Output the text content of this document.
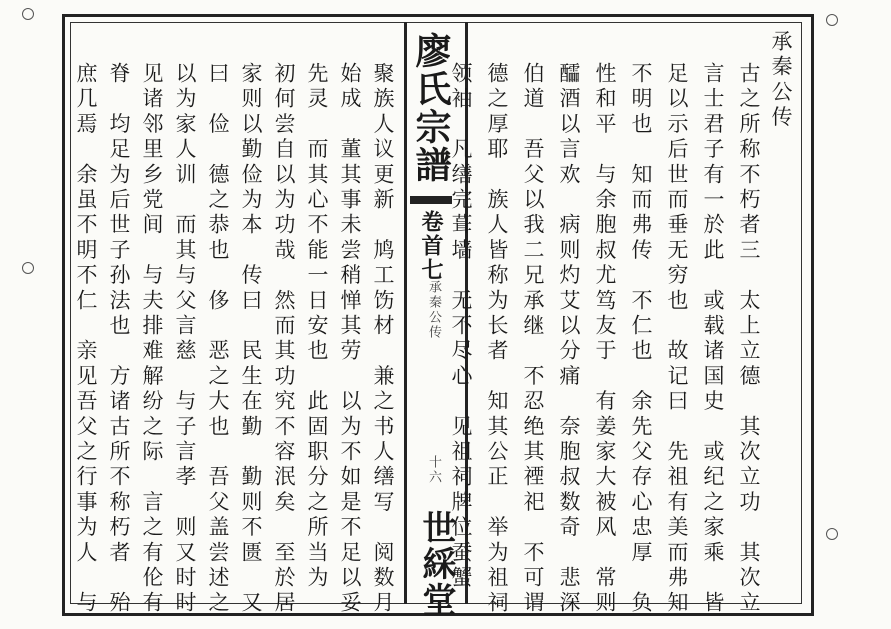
廖氏宗譜
卷首七
承秦公传
十六
世綵堂
承秦公传
古之所称不朽者三　太上立德　其次立功　其次立
言士君子有一於此　或载诸国史　或纪之家乘　皆
足以示后世而垂无穷也　故记曰　先祖有美而弗知
不明也　知而弗传　不仁也　余先父存心忠厚　负
性和平　与余胞叔尤笃友于　有姜家大被风　常则
醽酒以言欢　病则灼艾以分痛　奈胞叔数奇　悲深
伯道　吾父以我二兄承继　不忍绝其禋祀　不可谓
德之厚耶　族人皆称为长者　知其公正　举为祖祠
领袖　凡缮完葺墙　无不尽心　见祖祠牌位蚕蟹
聚族人议更新　鸠工饬材　兼之书人缮写　阅数月
始成　董其事未尝稍惮其劳　以为不如是不足以妥
先灵　而其心不能一日安也　此固职分之所当为
初何尝自以为功哉　然而其功究不容泯矣　至於居
家则以勤俭为本　传曰　民生在勤　勤则不匮　又
曰　俭　德之恭也　侈　恶之大也　吾父盖尝述之
以为家人训　而其与父言慈　与子言孝　则又时时
见诸邻里乡党间　与夫排难解纷之际　言之有伦有
脊　均足为后世子孙法也　方诸古所不称朽者　殆
庶几焉　余虽不明不仁　亲见吾父之行事为人　与
